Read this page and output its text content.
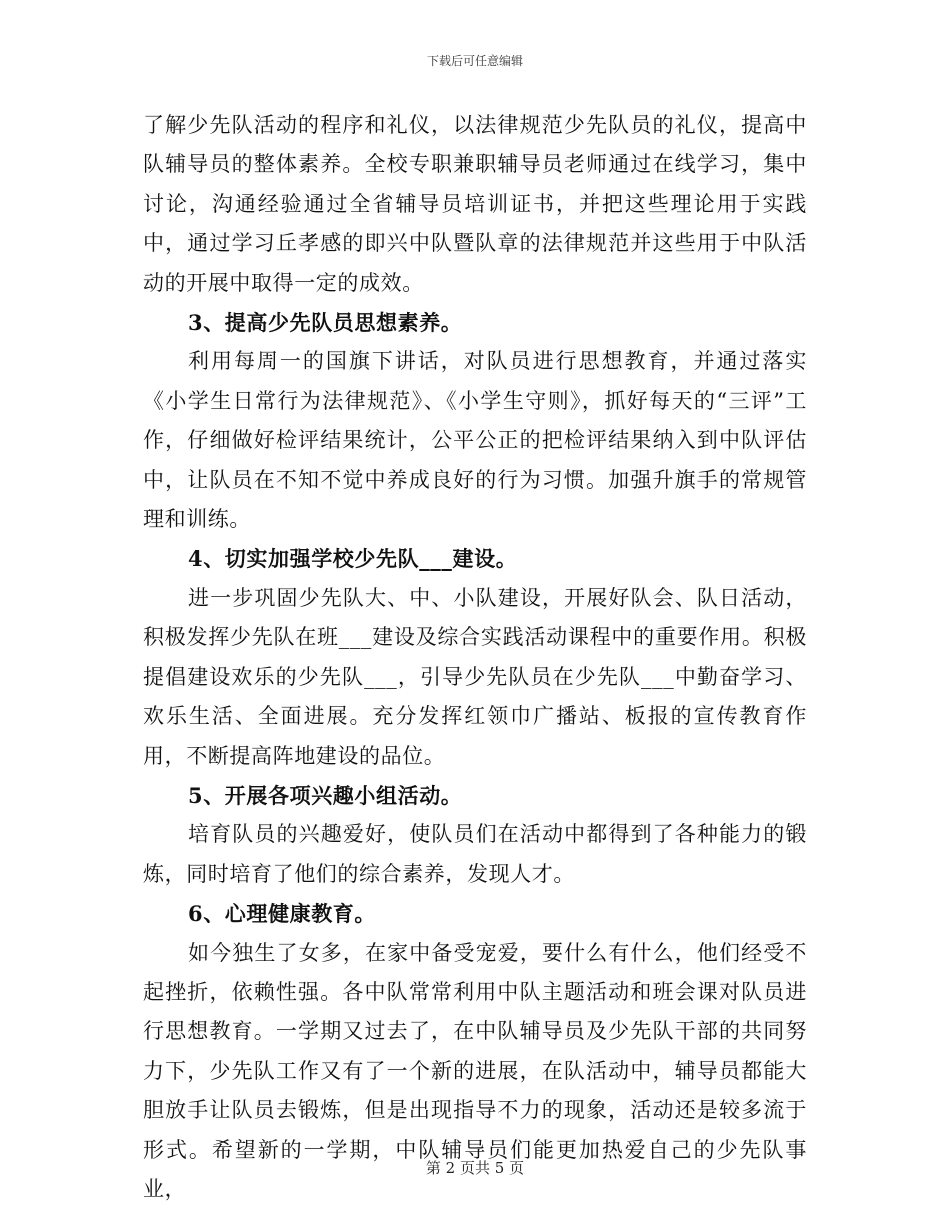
下载后可任意编辑

了解少先队活动的程序和礼仪，以法律规范少先队员的礼仪，提高中队辅导员的整体素养。全校专职兼职辅导员老师通过在线学习，集中讨论，沟通经验通过全省辅导员培训证书，并把这些理论用于实践中，通过学习丘孝感的即兴中队暨队章的法律规范并这些用于中队活动的开展中取得一定的成效。

3、提高少先队员思想素养。

利用每周一的国旗下讲话，对队员进行思想教育，并通过落实《小学生日常行为法律规范》、《小学生守则》，抓好每天的“三评”工作，仔细做好检评结果统计，公平公正的把检评结果纳入到中队评估中，让队员在不知不觉中养成良好的行为习惯。加强升旗手的常规管理和训练。

4、切实加强学校少先队___建设。

进一步巩固少先队大、中、小队建设，开展好队会、队日活动，积极发挥少先队在班___建设及综合实践活动课程中的重要作用。积极提倡建设欢乐的少先队___，引导少先队员在少先队___中勤奋学习、欢乐生活、全面进展。充分发挥红领巾广播站、板报的宣传教育作用，不断提高阵地建设的品位。

5、开展各项兴趣小组活动。

培育队员的兴趣爱好，使队员们在活动中都得到了各种能力的锻炼，同时培育了他们的综合素养，发现人才。

6、心理健康教育。

如今独生了女多，在家中备受宠爱，要什么有什么，他们经受不起挫折，依赖性强。各中队常常利用中队主题活动和班会课对队员进行思想教育。一学期又过去了，在中队辅导员及少先队干部的共同努力下，少先队工作又有了一个新的进展，在队活动中，辅导员都能大胆放手让队员去锻炼，但是出现指导不力的现象，活动还是较多流于形式。希望新的一学期，中队辅导员们能更加热爱自己的少先队事业，

第 2 页共 5 页
